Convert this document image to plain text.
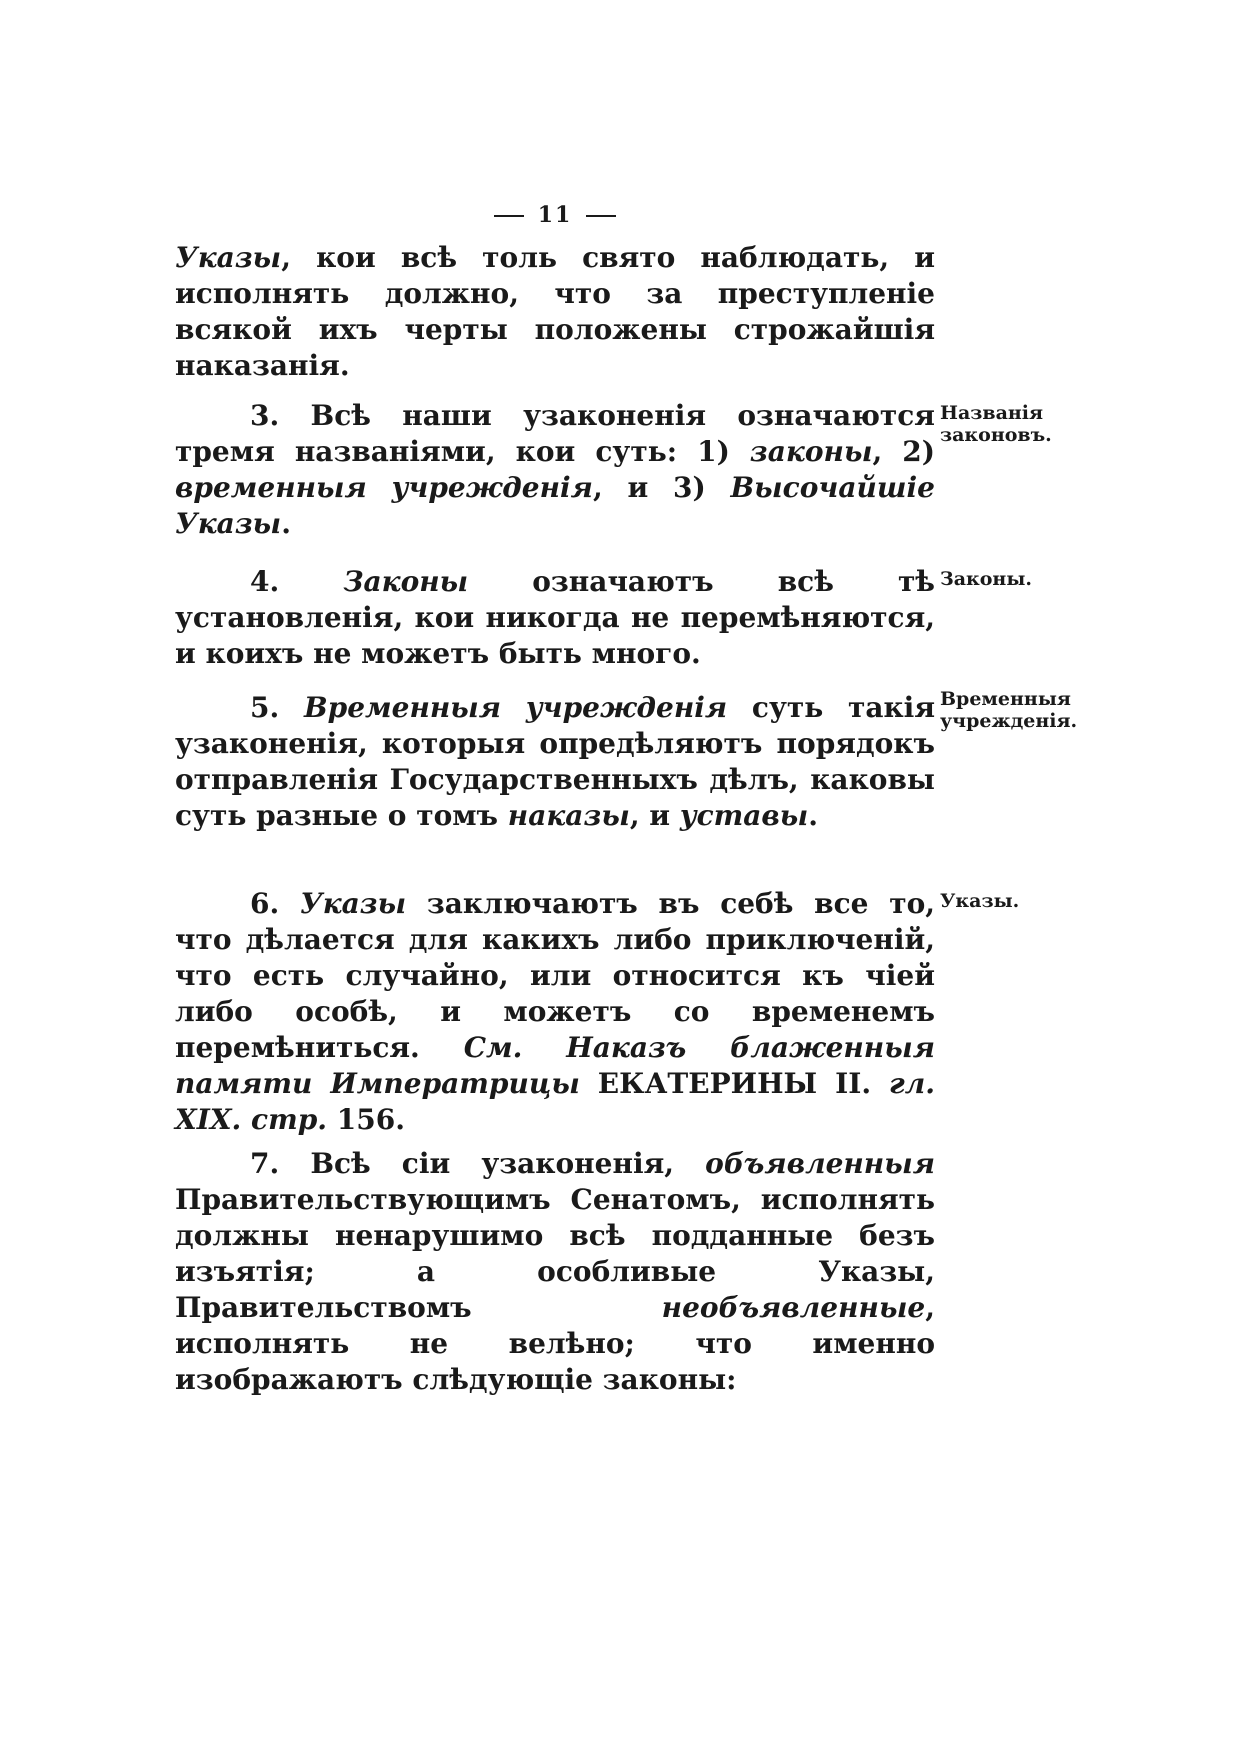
11

Указы, кои всѣ толь свято наблюдать, и исполнять должно, что за преступленіе всякой ихъ черты положены строжайшія наказанія.

3. Всѣ наши узаконенія означаются тремя названіями, кои суть: 1) законы, 2) временныя учрежденія, и 3) Высочайшіе Указы.

Названія законовъ.

4. Законы означаютъ всѣ тѣ установленія, кои никогда не перемѣняются, и коихъ не можетъ быть много.

Законы.

5. Временныя учрежденія суть такія узаконенія, которыя опредѣляютъ порядокъ отправленія Государственныхъ дѣлъ, каковы суть разные о томъ наказы, и уставы.

Временныя учрежденія.

6. Указы заключаютъ въ себѣ все то, что дѣлается для какихъ либо приключеній, что есть случайно, или относится къ чіей либо особѣ, и можетъ со временемъ перемѣниться. См. Наказъ блаженныя памяти Императрицы ЕКАТЕРИНЫ II. гл. XIX. стр. 156.

Указы.

7. Всѣ сіи узаконенія, объявленныя Правительствующимъ Сенатомъ, исполнять должны ненарушимо всѣ подданные безъ изъятія; а особливые Указы, Правительствомъ необъявленные, исполнять не велѣно; что именно изображаютъ слѣдующіе законы:
